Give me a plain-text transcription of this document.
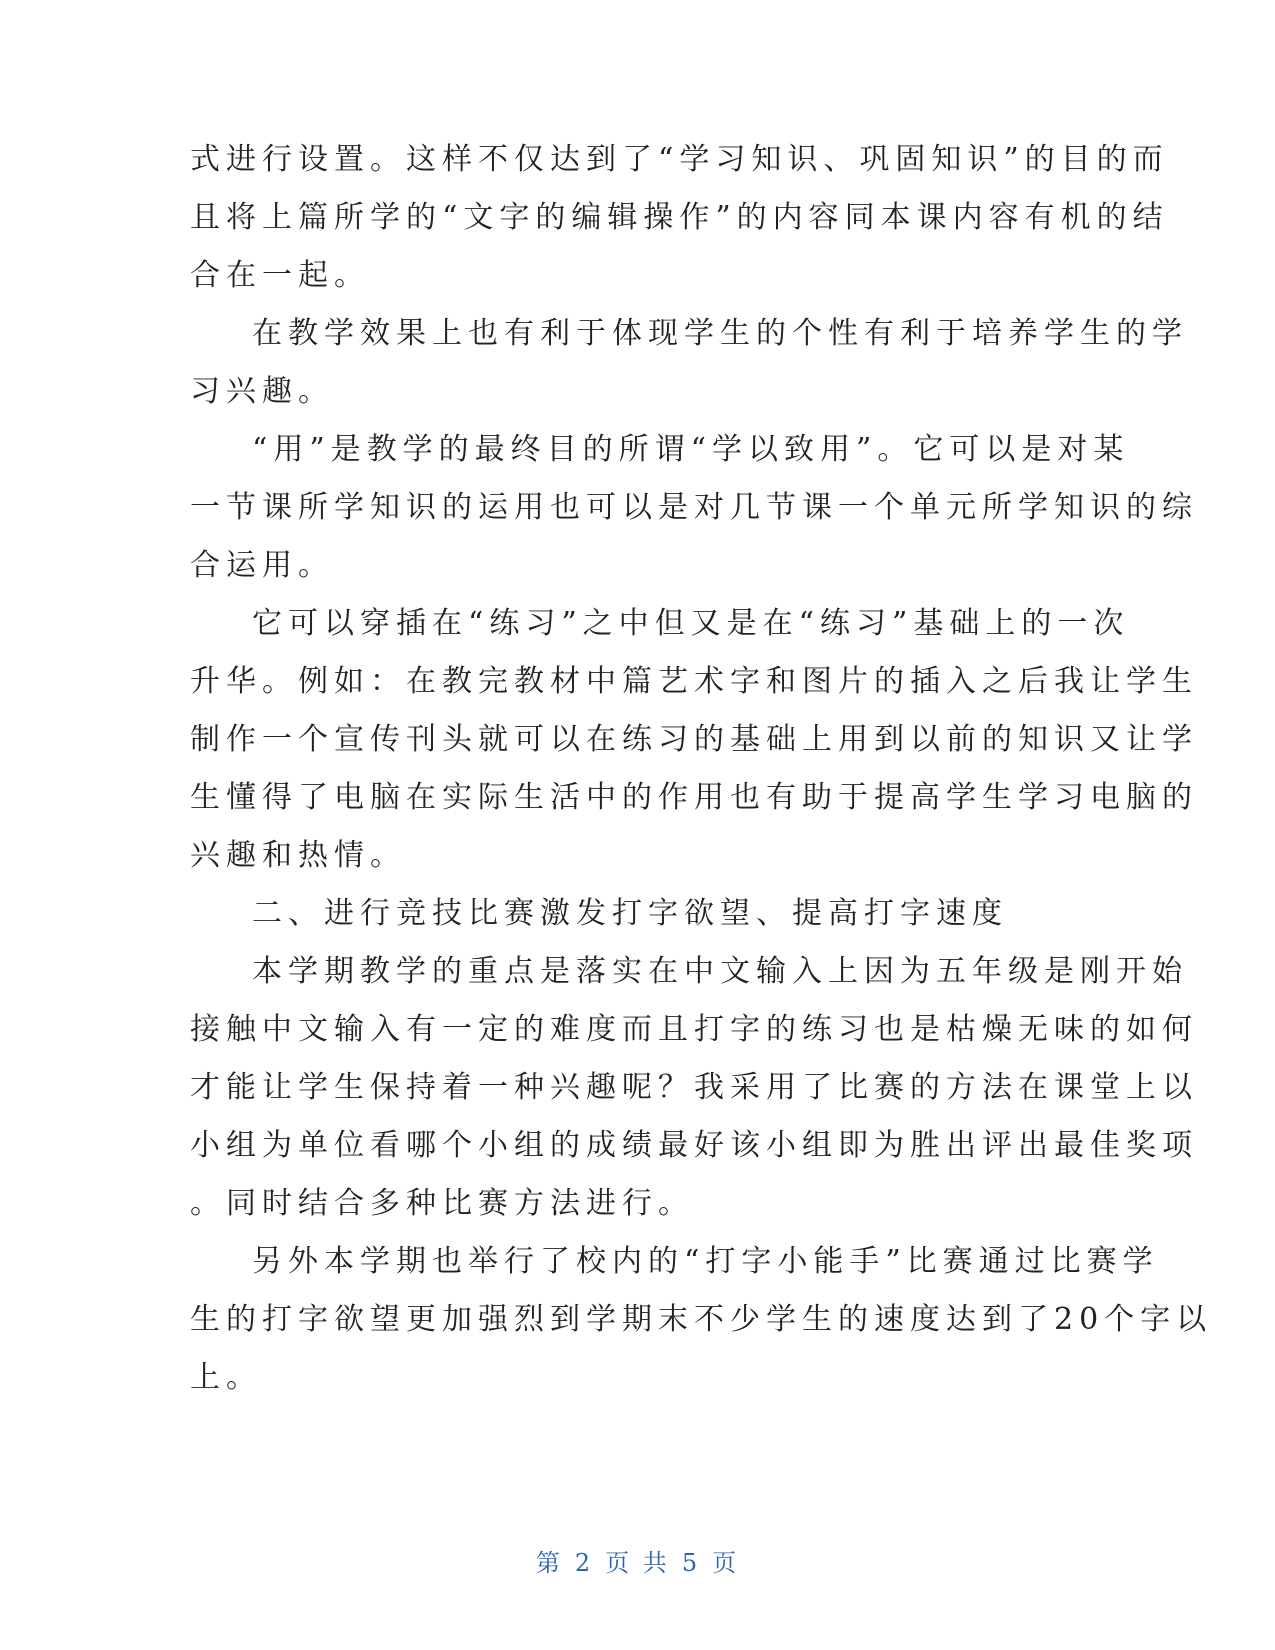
式进行设置。这样不仅达到了“学习知识、巩固知识”的目的而
且将上篇所学的“文字的编辑操作”的内容同本课内容有机的结
合在一起。
在教学效果上也有利于体现学生的个性有利于培养学生的学
习兴趣。
“用”是教学的最终目的所谓“学以致用”。它可以是对某
一节课所学知识的运用也可以是对几节课一个单元所学知识的综
合运用。
它可以穿插在“练习”之中但又是在“练习”基础上的一次
升华。例如：在教完教材中篇艺术字和图片的插入之后我让学生
制作一个宣传刊头就可以在练习的基础上用到以前的知识又让学
生懂得了电脑在实际生活中的作用也有助于提高学生学习电脑的
兴趣和热情。
二、进行竞技比赛激发打字欲望、提高打字速度
本学期教学的重点是落实在中文输入上因为五年级是刚开始
接触中文输入有一定的难度而且打字的练习也是枯燥无味的如何
才能让学生保持着一种兴趣呢？我采用了比赛的方法在课堂上以
小组为单位看哪个小组的成绩最好该小组即为胜出评出最佳奖项
。同时结合多种比赛方法进行。
另外本学期也举行了校内的“打字小能手”比赛通过比赛学
生的打字欲望更加强烈到学期末不少学生的速度达到了20个字以
上。
第 2 页 共 5 页
